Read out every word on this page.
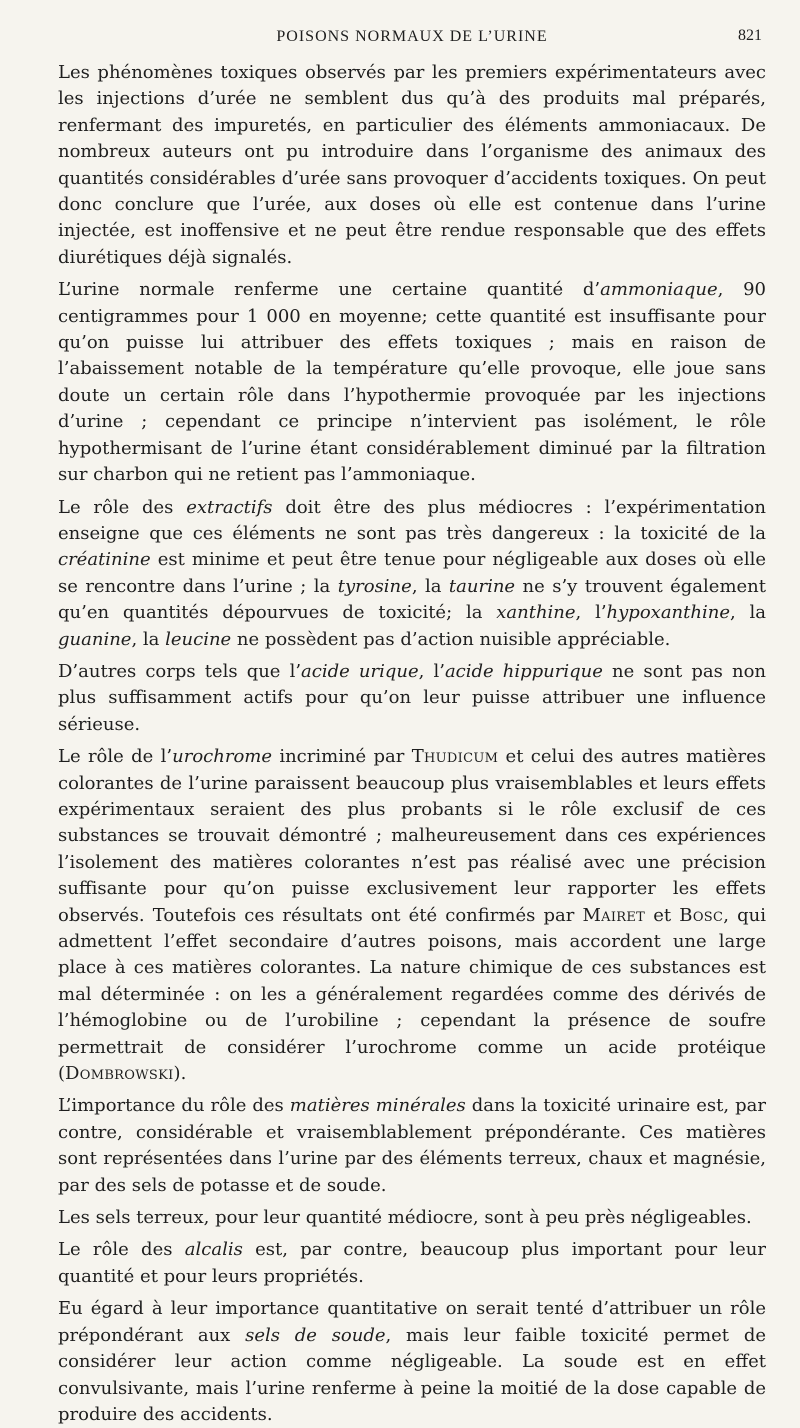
POISONS NORMAUX DE L’URINE	821

Les phénomènes toxiques observés par les premiers expérimentateurs avec les injections d’urée ne semblent dus qu’à des produits mal préparés, renfermant des impuretés, en particulier des éléments ammoniacaux. De nombreux auteurs ont pu introduire dans l’organisme des animaux des quantités considérables d’urée sans provoquer d’accidents toxiques. On peut donc conclure que l’urée, aux doses où elle est contenue dans l’urine injectée, est inoffensive et ne peut être rendue responsable que des effets diurétiques déjà signalés.

L’urine normale renferme une certaine quantité d’ammoniaque, 90 centigrammes pour 1 000 en moyenne; cette quantité est insuffisante pour qu’on puisse lui attribuer des effets toxiques ; mais en raison de l’abaissement notable de la température qu’elle provoque, elle joue sans doute un certain rôle dans l’hypothermie provoquée par les injections d’urine ; cependant ce principe n’intervient pas isolément, le rôle hypothermisant de l’urine étant considérablement diminué par la filtration sur charbon qui ne retient pas l’ammoniaque.

Le rôle des extractifs doit être des plus médiocres : l’expérimentation enseigne que ces éléments ne sont pas très dangereux : la toxicité de la créatinine est minime et peut être tenue pour négligeable aux doses où elle se rencontre dans l’urine ; la tyrosine, la taurine ne s’y trouvent également qu’en quantités dépourvues de toxicité; la xanthine, l’hypoxanthine, la guanine, la leucine ne possèdent pas d’action nuisible appréciable.

D’autres corps tels que l’acide urique, l’acide hippurique ne sont pas non plus suffisamment actifs pour qu’on leur puisse attribuer une influence sérieuse.

Le rôle de l’urochrome incriminé par Thudicum et celui des autres matières colorantes de l’urine paraissent beaucoup plus vraisemblables et leurs effets expérimentaux seraient des plus probants si le rôle exclusif de ces substances se trouvait démontré ; malheureusement dans ces expériences l’isolement des matières colorantes n’est pas réalisé avec une précision suffisante pour qu’on puisse exclusivement leur rapporter les effets observés. Toutefois ces résultats ont été confirmés par Mairet et Bosc, qui admettent l’effet secondaire d’autres poisons, mais accordent une large place à ces matières colorantes. La nature chimique de ces substances est mal déterminée : on les a généralement regardées comme des dérivés de l’hémoglobine ou de l’urobiline ; cependant la présence de soufre permettrait de considérer l’urochrome comme un acide protéique (Dombrowski).

L’importance du rôle des matières minérales dans la toxicité urinaire est, par contre, considérable et vraisemblablement prépondérante. Ces matières sont représentées dans l’urine par des éléments terreux, chaux et magnésie, par des sels de potasse et de soude.

Les sels terreux, pour leur quantité médiocre, sont à peu près négligeables.

Le rôle des alcalis est, par contre, beaucoup plus important pour leur quantité et pour leurs propriétés.

Eu égard à leur importance quantitative on serait tenté d’attribuer un rôle prépondérant aux sels de soude, mais leur faible toxicité permet de considérer leur action comme négligeable. La soude est en effet convulsivante, mais l’urine renferme à peine la moitié de la dose capable de produire des accidents.
